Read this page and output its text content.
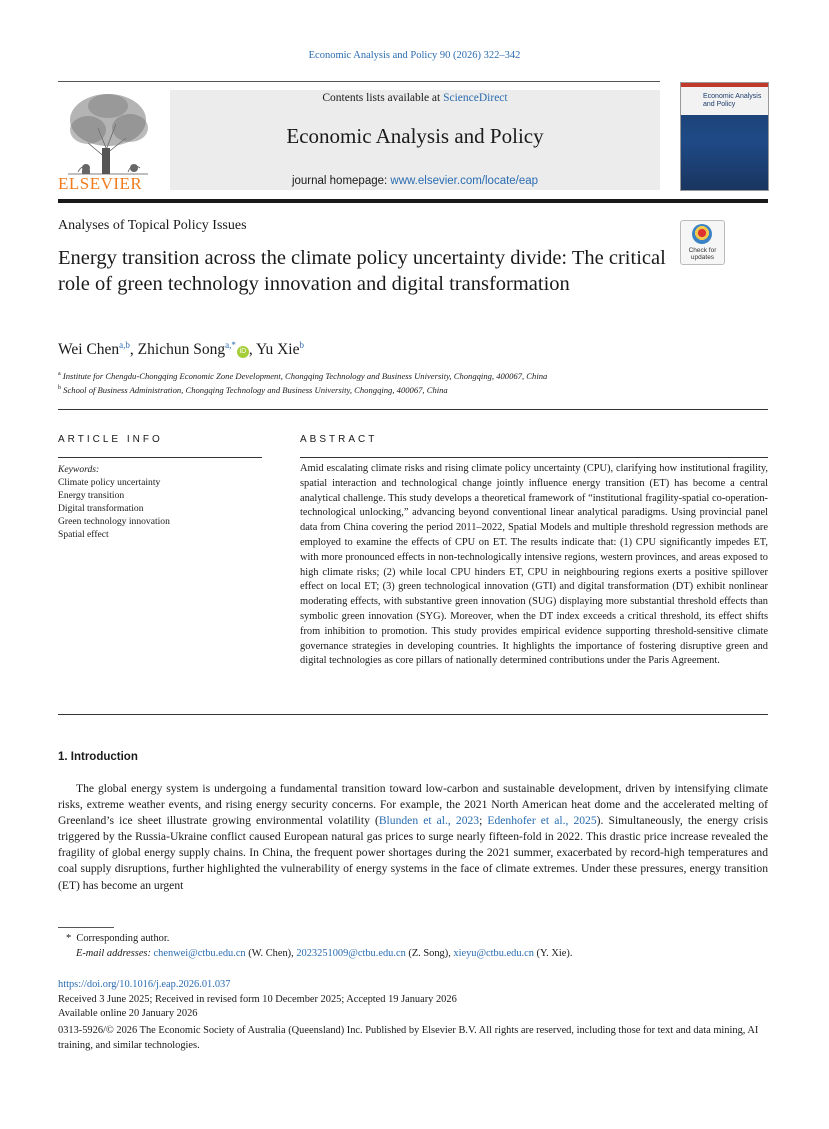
Economic Analysis and Policy 90 (2026) 322–342
ELSEVIER
Contents lists available at ScienceDirect
Economic Analysis and Policy
journal homepage: www.elsevier.com/locate/eap
Economic Analysis and Policy
Analyses of Topical Policy Issues
Energy transition across the climate policy uncertainty divide: The critical role of green technology innovation and digital transformation
Check for updates
Wei Chen$^{a,b}$, Zhichun Song$^{a,*}$iD , Yu Xie$^b$
$^a$ Institute for Chengdu-Chongqing Economic Zone Development, Chongqing Technology and Business University, Chongqing, 400067, China
$^b$ School of Business Administration, Chongqing Technology and Business University, Chongqing, 400067, China
ARTICLE INFO	ABSTRACT
Keywords:
Climate policy uncertainty
Energy transition
Digital transformation
Green technology innovation
Spatial effect
Amid escalating climate risks and rising climate policy uncertainty (CPU), clarifying how institutional fragility, spatial interaction and technological change jointly influence energy transition (ET) has become a central analytical challenge. This study develops a theoretical framework of “institutional fragility-spatial co-operation-technological unlocking,” advancing beyond conventional linear analytical paradigms. Using provincial panel data from China covering the period 2011–2022, Spatial Models and multiple threshold regression methods are employed to examine the effects of CPU on ET. The results indicate that: (1) CPU significantly impedes ET, with more pronounced effects in non-technologically intensive regions, western provinces, and areas exposed to high climate risks; (2) while local CPU hinders ET, CPU in neighbouring regions exerts a positive spillover effect on local ET; (3) green technological innovation (GTI) and digital transformation (DT) exhibit nonlinear moderating effects, with substantive green innovation (SUG) displaying more substantial threshold effects than symbolic green innovation (SYG). Moreover, when the DT index exceeds a critical threshold, its effect shifts from inhibition to promotion. This study provides empirical evidence supporting threshold-sensitive climate governance strategies in developing countries. It highlights the importance of fostering disruptive green and digital technologies as core pillars of nationally determined contributions under the Paris Agreement.
1. Introduction
The global energy system is undergoing a fundamental transition toward low-carbon and sustainable development, driven by intensifying climate risks, extreme weather events, and rising energy security concerns. For example, the 2021 North American heat dome and the accelerated melting of Greenland’s ice sheet illustrate growing environmental volatility (Blunden et al., 2023; Edenhofer et al., 2025). Simultaneously, the energy crisis triggered by the Russia-Ukraine conflict caused European natural gas prices to surge nearly fifteen-fold in 2022. This drastic price increase revealed the fragility of global energy supply chains. In China, the frequent power shortages during the 2021 summer, exacerbated by record-high temperatures and coal supply disruptions, further highlighted the vulnerability of energy systems in the face of climate extremes. Under these pressures, energy transition (ET) has become an urgent
*  Corresponding author.
E-mail addresses: chenwei@ctbu.edu.cn (W. Chen), 2023251009@ctbu.edu.cn (Z. Song), xieyu@ctbu.edu.cn (Y. Xie).
https://doi.org/10.1016/j.eap.2026.01.037
Received 3 June 2025; Received in revised form 10 December 2025; Accepted 19 January 2026
Available online 20 January 2026
0313-5926/© 2026 The Economic Society of Australia (Queensland) Inc. Published by Elsevier B.V. All rights are reserved, including those for text and data mining, AI training, and similar technologies.
